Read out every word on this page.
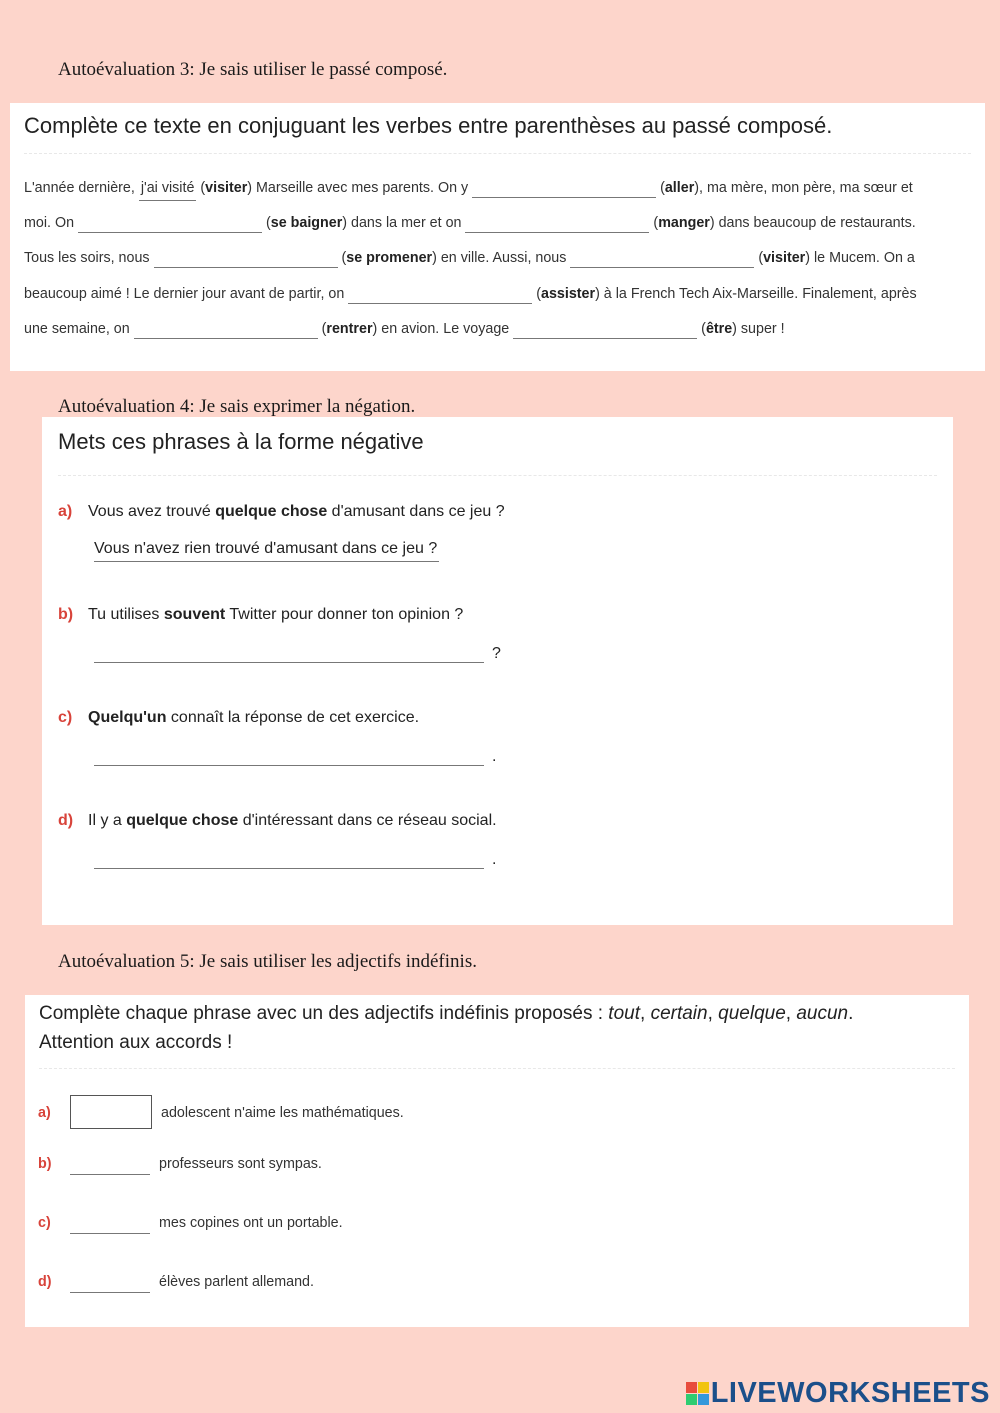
Autoévaluation 3: Je sais utiliser le passé composé.
Complète ce texte en conjuguant les verbes entre parenthèses au passé composé.
L'année dernière, j'ai visité (visiter) Marseille avec mes parents. On y	(aller), ma mère, mon père, ma sœur et
moi. On	(se baigner) dans la mer et on	(manger) dans beaucoup de restaurants.
Tous les soirs, nous	(se promener) en ville. Aussi, nous	(visiter) le Mucem. On a
beaucoup aimé ! Le dernier jour avant de partir, on	(assister) à la French Tech Aix-Marseille. Finalement, après
une semaine, on	(rentrer) en avion. Le voyage	(être) super !
Autoévaluation 4: Je sais exprimer la négation.
Mets ces phrases à la forme négative
a) Vous avez trouvé quelque chose d'amusant dans ce jeu ?
Vous n'avez rien trouvé d'amusant dans ce jeu ?
b) Tu utilises souvent Twitter pour donner ton opinion ?
?
c) Quelqu'un connaît la réponse de cet exercice.
.
d) Il y a quelque chose d'intéressant dans ce réseau social.
.
Autoévaluation 5: Je sais utiliser les adjectifs indéfinis.
Complète chaque phrase avec un des adjectifs indéfinis proposés : tout, certain, quelque, aucun.
Attention aux accords !
a)	adolescent n'aime les mathématiques.
b)	professeurs sont sympas.
c)	mes copines ont un portable.
d)	élèves parlent allemand.
LIVEWORKSHEETS
